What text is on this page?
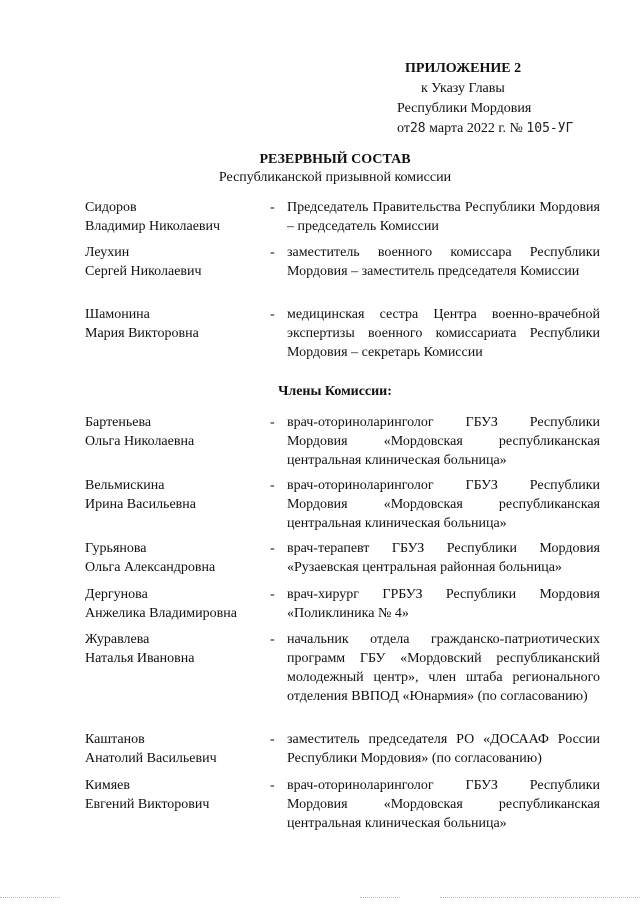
ПРИЛОЖЕНИЕ 2
к Указу Главы
Республики Мордовия
от28 марта 2022 г. № 105-УГ
РЕЗЕРВНЫЙ СОСТАВ
Республиканской призывной комиссии
Сидоров
Владимир Николаевич
- Председатель Правительства Республики Мордовия – председатель Комиссии
Леухин
Сергей Николаевич
- заместитель военного комиссара Республики Мордовия – заместитель председателя Комиссии
Шамонина
Мария Викторовна
- медицинская сестра Центра военно-врачебной экспертизы военного комиссариата Республики Мордовия – секретарь Комиссии
Члены Комиссии:
Бартеньева
Ольга Николаевна
- врач-оториноларинголог ГБУЗ Республики Мордовия «Мордовская республиканская центральная клиническая больница»
Вельмискина
Ирина Васильевна
- врач-оториноларинголог ГБУЗ Республики Мордовия «Мордовская республиканская центральная клиническая больница»
Гурьянова
Ольга Александровна
- врач-терапевт ГБУЗ Республики Мордовия «Рузаевская центральная районная больница»
Дергунова
Анжелика Владимировна
- врач-хирург ГРБУЗ Республики Мордовия «Поликлиника № 4»
Журавлева
Наталья Ивановна
- начальник отдела гражданско-патриотических программ ГБУ «Мордовский республиканский молодежный центр», член штаба регионального отделения ВВПОД «Юнармия» (по согласованию)
Каштанов
Анатолий Васильевич
- заместитель председателя РО «ДОСААФ России Республики Мордовия» (по согласованию)
Кимяев
Евгений Викторович
- врач-оториноларинголог ГБУЗ Республики Мордовия «Мордовская республиканская центральная клиническая больница»
